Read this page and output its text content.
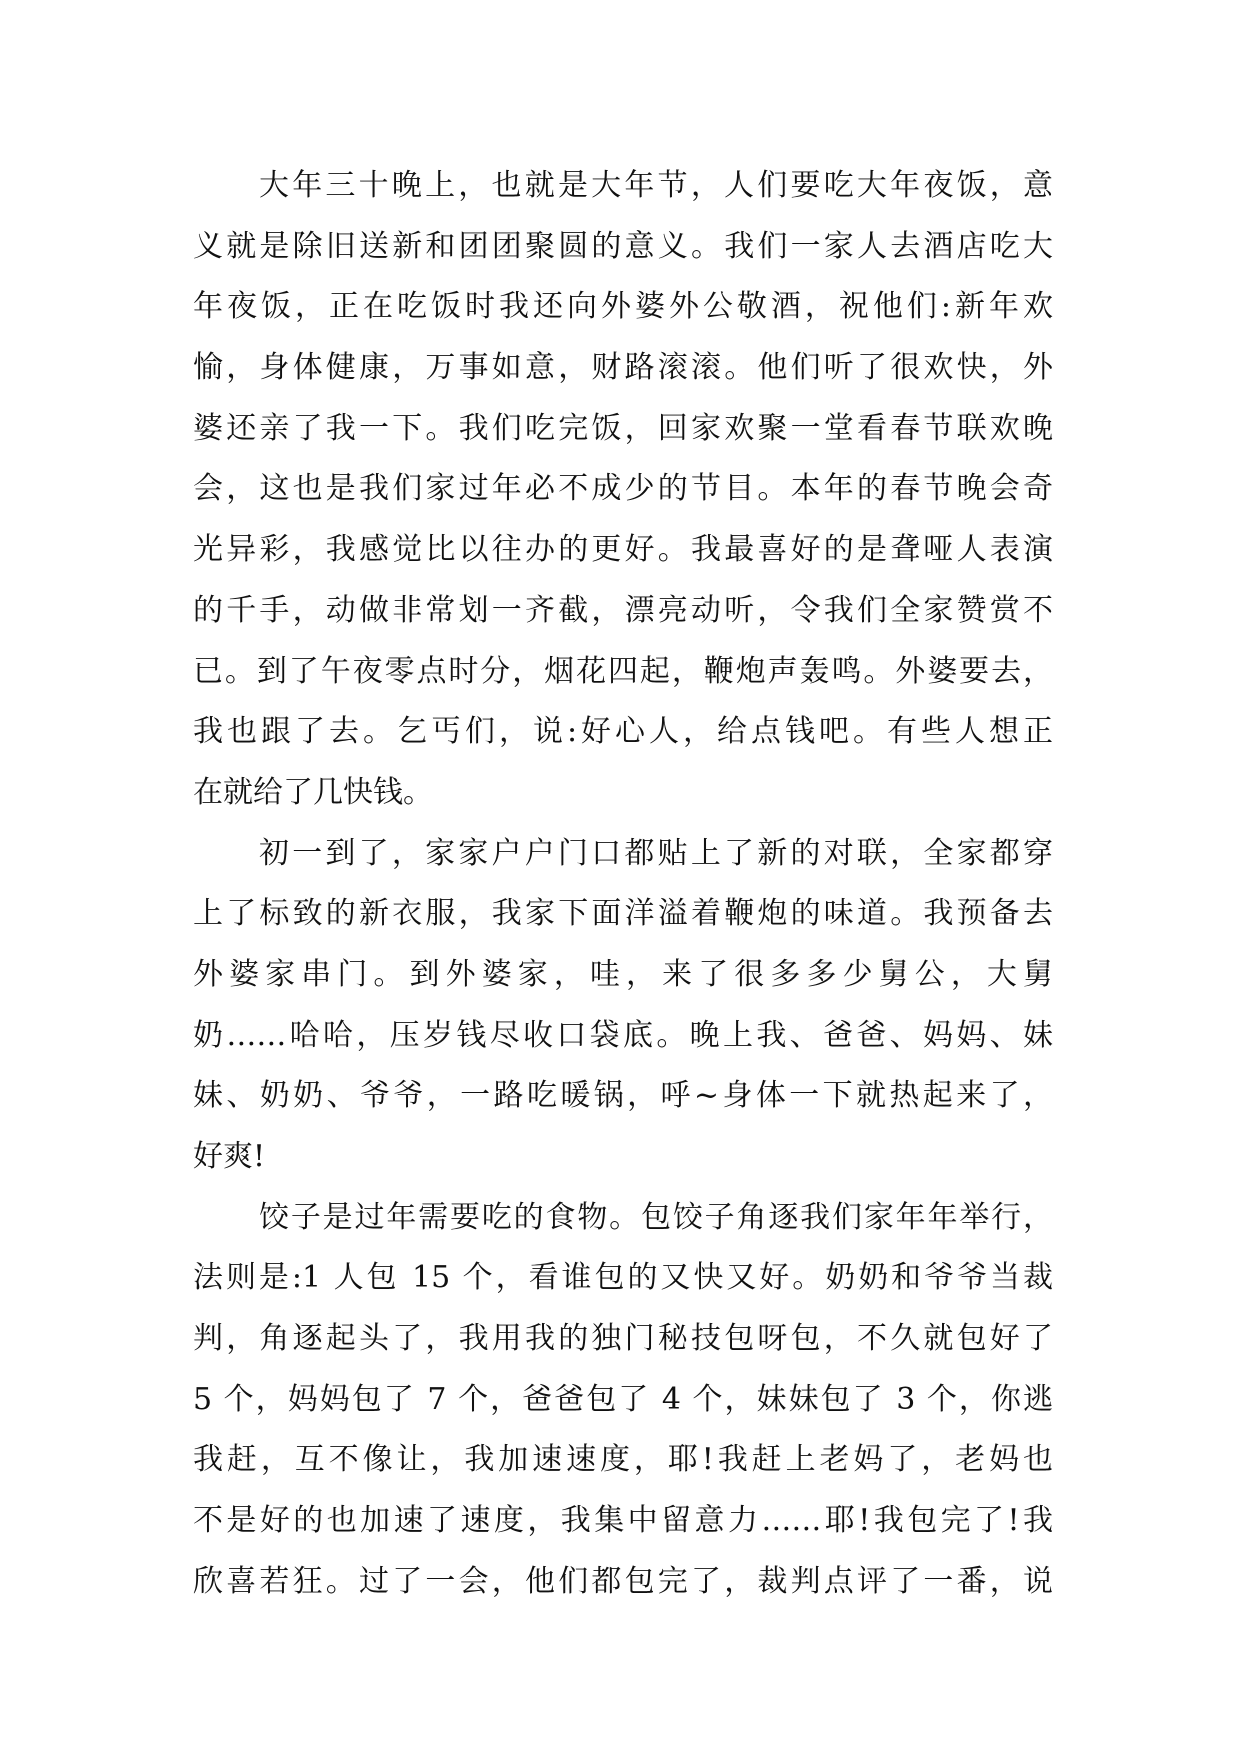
大年三十晚上，也就是大年节，人们要吃大年夜饭，意
义就是除旧送新和团团聚圆的意义。我们一家人去酒店吃大
年夜饭，正在吃饭时我还向外婆外公敬酒，祝他们:新年欢
愉，身体健康，万事如意，财路滚滚。他们听了很欢快，外
婆还亲了我一下。我们吃完饭，回家欢聚一堂看春节联欢晚
会，这也是我们家过年必不成少的节目。本年的春节晚会奇
光异彩，我感觉比以往办的更好。我最喜好的是聋哑人表演
的千手，动做非常划一齐截，漂亮动听，令我们全家赞赏不
已。到了午夜零点时分，烟花四起，鞭炮声轰鸣。外婆要去，
我也跟了去。乞丐们，说:好心人，给点钱吧。有些人想正
在就给了几快钱。
初一到了，家家户户门口都贴上了新的对联，全家都穿
上了标致的新衣服，我家下面洋溢着鞭炮的味道。我预备去
外婆家串门。到外婆家，哇，来了很多多少舅公，大舅
奶……哈哈，压岁钱尽收口袋底。晚上我、爸爸、妈妈、妹
妹、奶奶、爷爷，一路吃暖锅，呼~身体一下就热起来了，
好爽!
饺子是过年需要吃的食物。包饺子角逐我们家年年举行，
法则是:1 人包 15 个，看谁包的又快又好。奶奶和爷爷当裁
判，角逐起头了，我用我的独门秘技包呀包，不久就包好了
5 个，妈妈包了 7 个，爸爸包了 4 个，妹妹包了 3 个，你逃
我赶，互不像让，我加速速度，耶!我赶上老妈了，老妈也
不是好的也加速了速度，我集中留意力……耶!我包完了!我
欣喜若狂。过了一会，他们都包完了，裁判点评了一番，说
